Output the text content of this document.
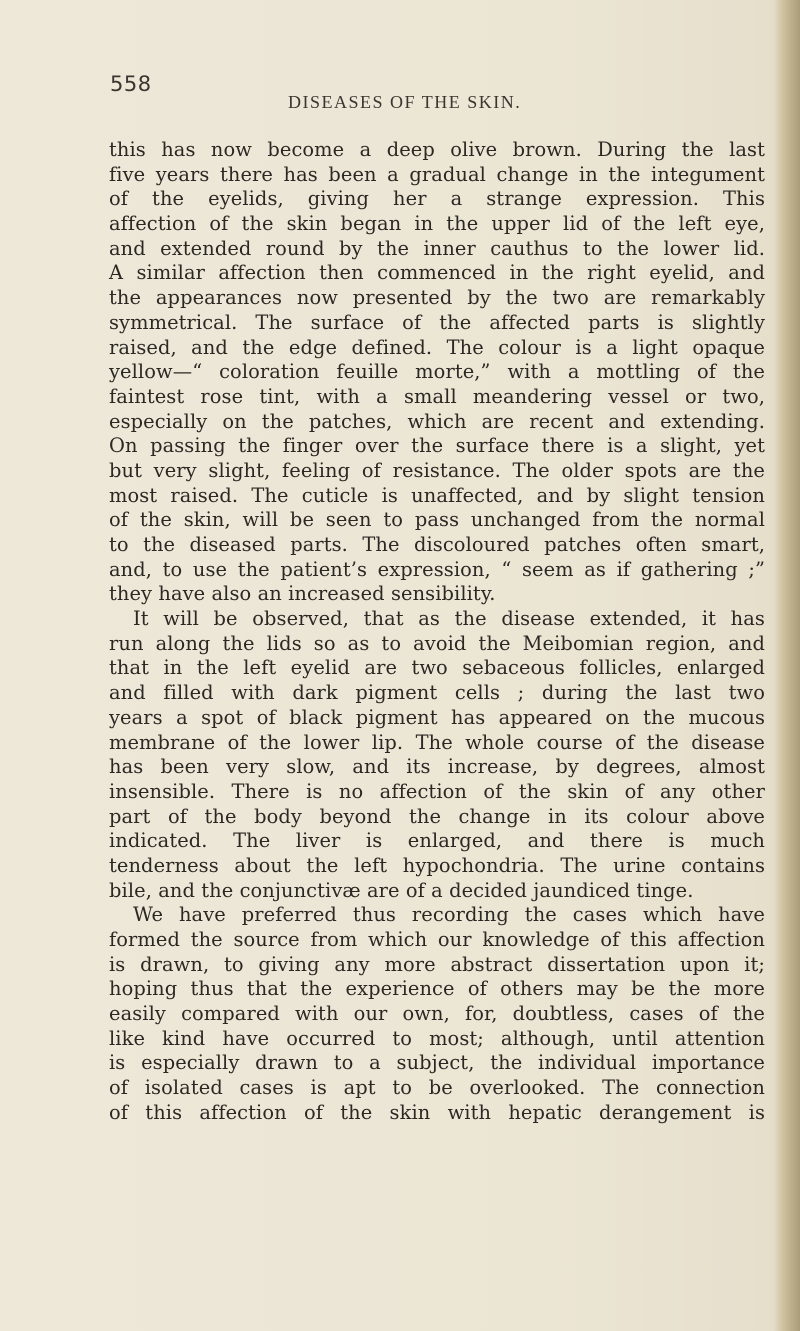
558
DISEASES OF THE SKIN.
this has now become a deep olive brown. During the last
five years there has been a gradual change in the integument
of the eyelids, giving her a strange expression. This
affection of the skin began in the upper lid of the left eye,
and extended round by the inner cauthus to the lower lid.
A similar affection then commenced in the right eyelid, and
the appearances now presented by the two are remarkably
symmetrical. The surface of the affected parts is slightly
raised, and the edge defined. The colour is a light opaque
yellow—“ coloration feuille morte,” with a mottling of the
faintest rose tint, with a small meandering vessel or two,
especially on the patches, which are recent and extending.
On passing the finger over the surface there is a slight, yet
but very slight, feeling of resistance. The older spots are the
most raised. The cuticle is unaffected, and by slight tension
of the skin, will be seen to pass unchanged from the normal
to the diseased parts. The discoloured patches often smart,
and, to use the patient’s expression, “ seem as if gathering ;”
they have also an increased sensibility.
It will be observed, that as the disease extended, it has
run along the lids so as to avoid the Meibomian region, and
that in the left eyelid are two sebaceous follicles, enlarged
and filled with dark pigment cells ; during the last two
years a spot of black pigment has appeared on the mucous
membrane of the lower lip. The whole course of the disease
has been very slow, and its increase, by degrees, almost
insensible. There is no affection of the skin of any other
part of the body beyond the change in its colour above
indicated. The liver is enlarged, and there is much
tenderness about the left hypochondria. The urine contains
bile, and the conjunctivæ are of a decided jaundiced tinge.
We have preferred thus recording the cases which have
formed the source from which our knowledge of this affection
is drawn, to giving any more abstract dissertation upon it;
hoping thus that the experience of others may be the more
easily compared with our own, for, doubtless, cases of the
like kind have occurred to most; although, until attention
is especially drawn to a subject, the individual importance
of isolated cases is apt to be overlooked. The connection
of this affection of the skin with hepatic derangement is
